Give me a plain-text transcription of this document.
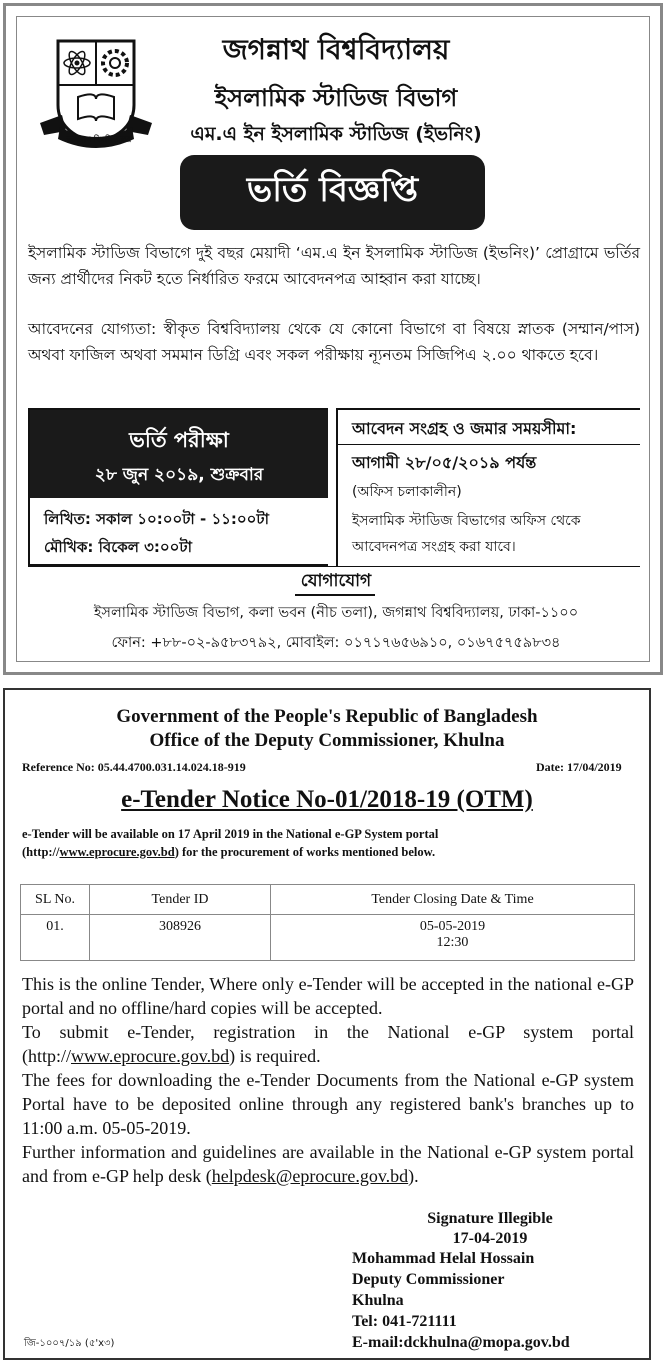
জগন্নাথ বিশ্ববিদ্যালয়
জগন্নাথ বিশ্ববিদ্যালয়
ইসলামিক স্টাডিজ বিভাগ
এম.এ ইন ইসলামিক স্টাডিজ (ইভনিং)
ভর্তি বিজ্ঞপ্তি
ইসলামিক স্টাডিজ বিভাগে দুই বছর মেয়াদী ‘এম.এ ইন ইসলামিক স্টাডিজ (ইভনিং)’ প্রোগ্রামে ভর্তির জন্য প্রার্থীদের নিকট হতে নির্ধারিত ফরমে আবেদনপত্র আহ্বান করা যাচ্ছে।
আবেদনের যোগ্যতা: স্বীকৃত বিশ্ববিদ্যালয় থেকে যে কোনো বিভাগে বা বিষয়ে স্নাতক (সম্মান/পাস) অথবা ফাজিল অথবা সমমান ডিগ্রি এবং সকল পরীক্ষায় ন্যূনতম সিজিপিএ ২.০০ থাকতে হবে।
ভর্তি পরীক্ষা
২৮ জুন ২০১৯, শুক্রবার
লিখিত: সকাল ১০:০০টা - ১১:০০টা
মৌখিক: বিকেল ৩:০০টা
আবেদন সংগ্রহ ও জমার সময়সীমা:
আগামী ২৮/০৫/২০১৯ পর্যন্ত
(অফিস চলাকালীন)
ইসলামিক স্টাডিজ বিভাগের অফিস থেকে আবেদনপত্র সংগ্রহ করা যাবে।
যোগাযোগ
ইসলামিক স্টাডিজ বিভাগ, কলা ভবন (নীচ তলা), জগন্নাথ বিশ্ববিদ্যালয়, ঢাকা-১১০০
ফোন: +৮৮-০২-৯৫৮৩৭৯২, মোবাইল: ০১৭১৭৬৫৬৯১০, ০১৬৭৫৭৫৯৮৩৪
Government of the People's Republic of Bangladesh
Office of the Deputy Commissioner, Khulna
Reference No: 05.44.4700.031.14.024.18-919	Date: 17/04/2019
e-Tender Notice No-01/2018-19 (OTM)
e-Tender will be available on 17 April 2019 in the National e-GP System portal
(http://www.eprocure.gov.bd) for the procurement of works mentioned below.
SL No.	Tender ID	Tender Closing Date & Time
01.	308926	05-05-2019
12:30

This is the online Tender, Where only e-Tender will be accepted in the national e-GP portal and no offline/hard copies will be accepted.

To submit e-Tender, registration in the National e-GP system portal (http://www.eprocure.gov.bd) is required.

The fees for downloading the e-Tender Documents from the National e-GP system Portal have to be deposited online through any registered bank's branches up to 11:00 a.m. 05-05-2019.

Further information and guidelines are available in the National e-GP system portal and from e-GP help desk (helpdesk@eprocure.gov.bd).

Signature Illegible
17-04-2019
Mohammad Helal Hossain
Deputy Commissioner
Khulna
Tel: 041-721111
E-mail:dckhulna@mopa.gov.bd
জি-১০০৭/১৯ (৫'x৩)
